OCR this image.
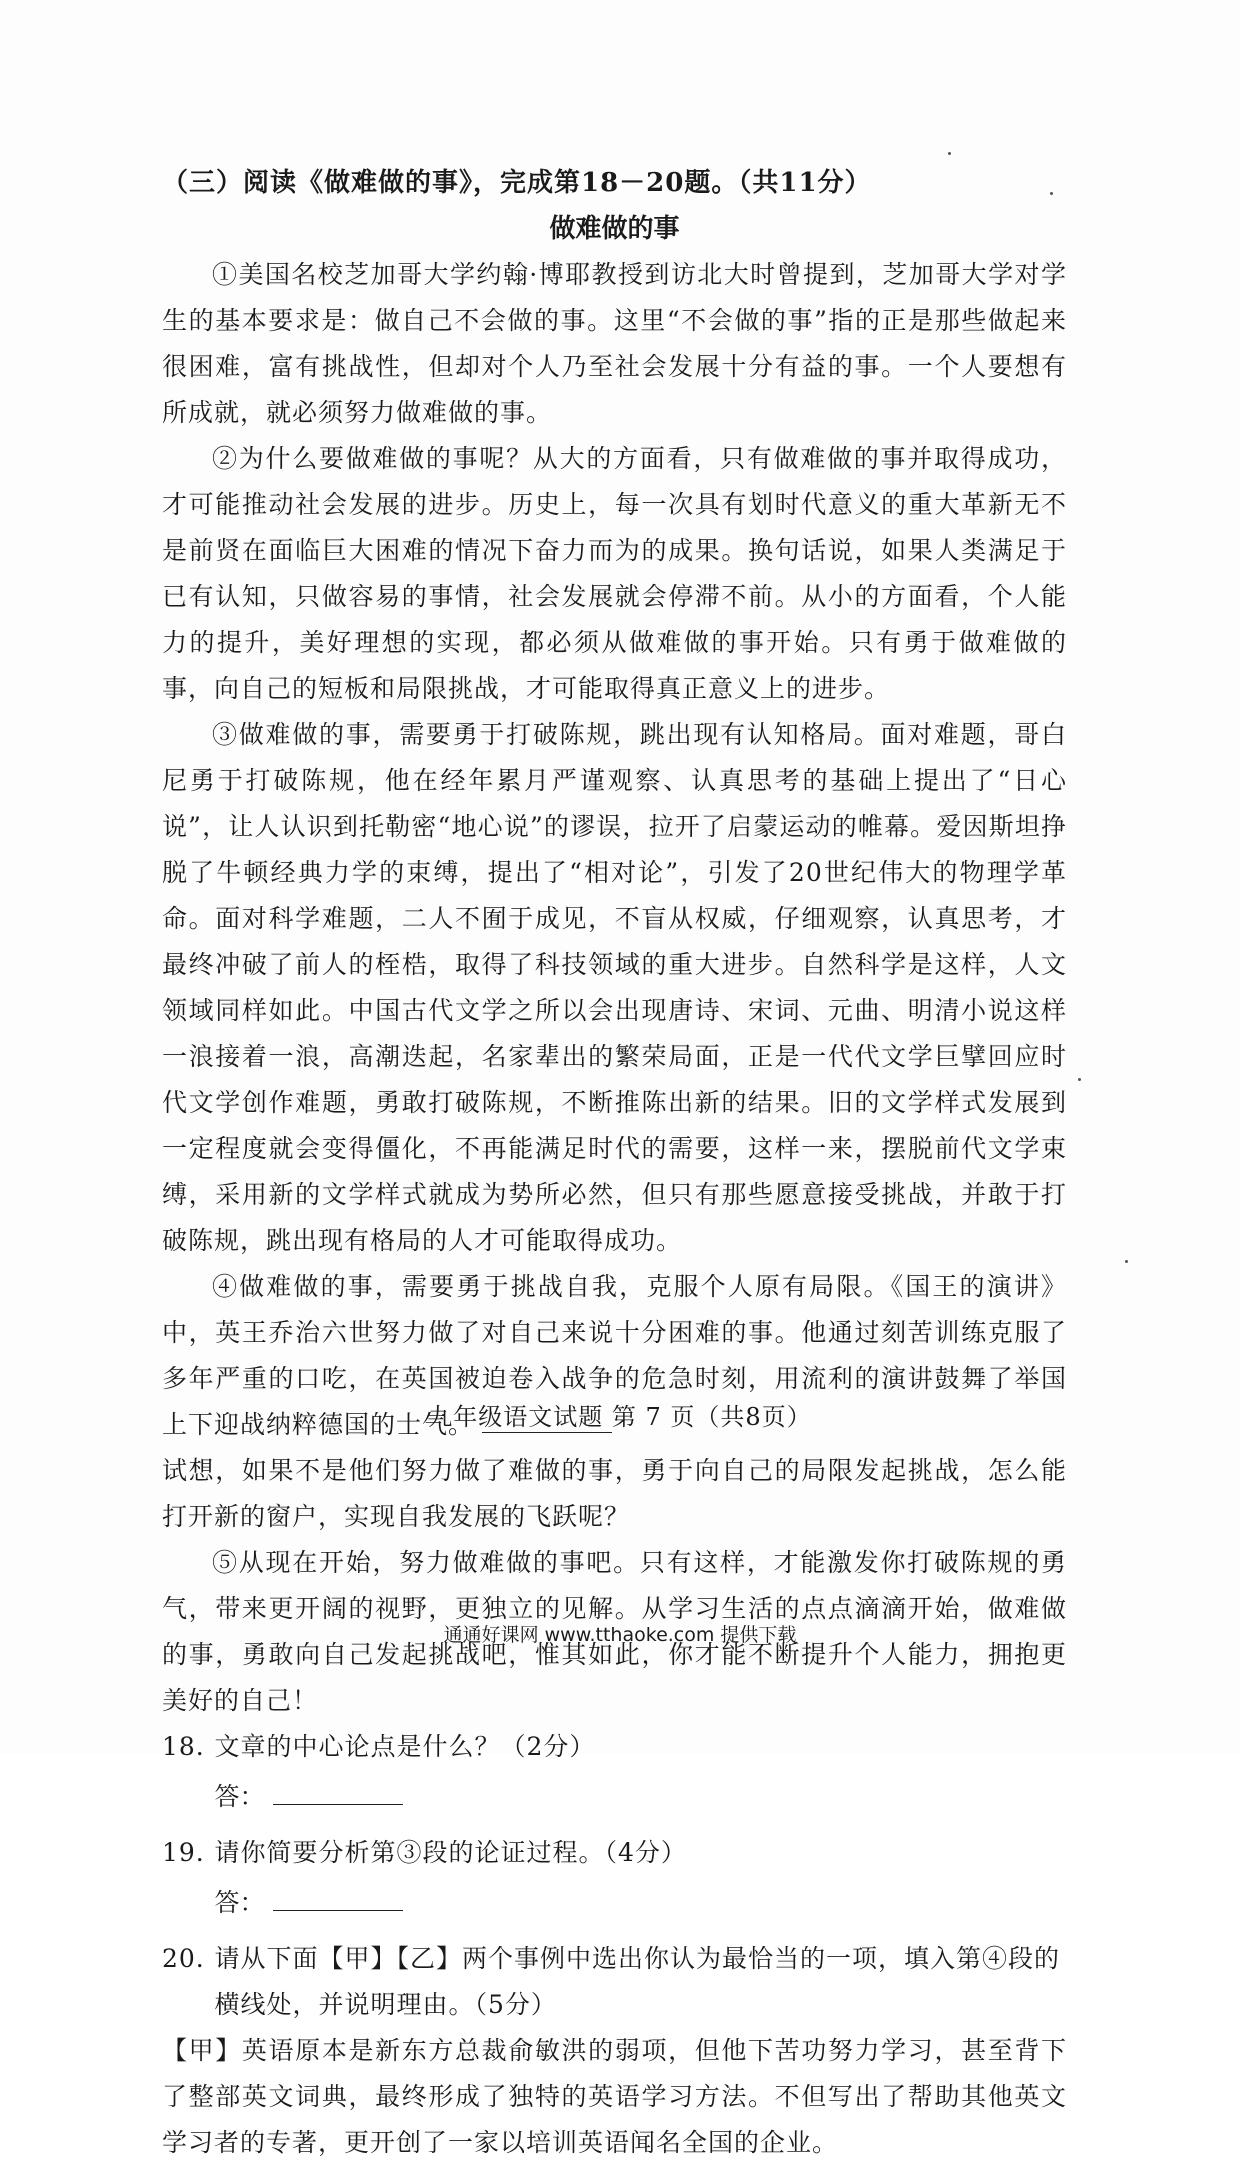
（三）阅读《做难做的事》，完成第18－20题。（共11分）

做难做的事

①美国名校芝加哥大学约翰·博耶教授到访北大时曾提到，芝加哥大学对学生的基本要求是：做自己不会做的事。这里“不会做的事”指的正是那些做起来很困难，富有挑战性，但却对个人乃至社会发展十分有益的事。一个人要想有所成就，就必须努力做难做的事。

②为什么要做难做的事呢？从大的方面看，只有做难做的事并取得成功，才可能推动社会发展的进步。历史上，每一次具有划时代意义的重大革新无不是前贤在面临巨大困难的情况下奋力而为的成果。换句话说，如果人类满足于已有认知，只做容易的事情，社会发展就会停滞不前。从小的方面看，个人能力的提升，美好理想的实现，都必须从做难做的事开始。只有勇于做难做的事，向自己的短板和局限挑战，才可能取得真正意义上的进步。

③做难做的事，需要勇于打破陈规，跳出现有认知格局。面对难题，哥白尼勇于打破陈规，他在经年累月严谨观察、认真思考的基础上提出了“日心说”，让人认识到托勒密“地心说”的谬误，拉开了启蒙运动的帷幕。爱因斯坦挣脱了牛顿经典力学的束缚，提出了“相对论”，引发了20世纪伟大的物理学革命。面对科学难题，二人不囿于成见，不盲从权威，仔细观察，认真思考，才最终冲破了前人的桎梏，取得了科技领域的重大进步。自然科学是这样，人文领域同样如此。中国古代文学之所以会出现唐诗、宋词、元曲、明清小说这样一浪接着一浪，高潮迭起，名家辈出的繁荣局面，正是一代代文学巨擘回应时代文学创作难题，勇敢打破陈规，不断推陈出新的结果。旧的文学样式发展到一定程度就会变得僵化，不再能满足时代的需要，这样一来，摆脱前代文学束缚，采用新的文学样式就成为势所必然，但只有那些愿意接受挑战，并敢于打破陈规，跳出现有格局的人才可能取得成功。

④做难做的事，需要勇于挑战自我，克服个人原有局限。《国王的演讲》中，英王乔治六世努力做了对自己来说十分困难的事。他通过刻苦训练克服了多年严重的口吃，在英国被迫卷入战争的危急时刻，用流利的演讲鼓舞了举国上下迎战纳粹德国的士气。

试想，如果不是他们努力做了难做的事，勇于向自己的局限发起挑战，怎么能打开新的窗户，实现自我发展的飞跃呢？

⑤从现在开始，努力做难做的事吧。只有这样，才能激发你打破陈规的勇气，带来更开阔的视野，更独立的见解。从学习生活的点点滴滴开始，做难做的事，勇敢向自己发起挑战吧，惟其如此，你才能不断提升个人能力，拥抱更美好的自己！

18. 文章的中心论点是什么？（2分）

答：

19. 请你简要分析第③段的论证过程。（4分）

答：

20. 请从下面【甲】【乙】两个事例中选出你认为最恰当的一项，填入第④段的横线处，并说明理由。（5分）

【甲】英语原本是新东方总裁俞敏洪的弱项，但他下苦功努力学习，甚至背下了整部英文词典，最终形成了独特的英语学习方法。不但写出了帮助其他英文学习者的专著，更开创了一家以培训英语闻名全国的企业。

九年级语文试题 第 7 页（共8页）
通通好课网 www.tthaoke.com 提供下载
